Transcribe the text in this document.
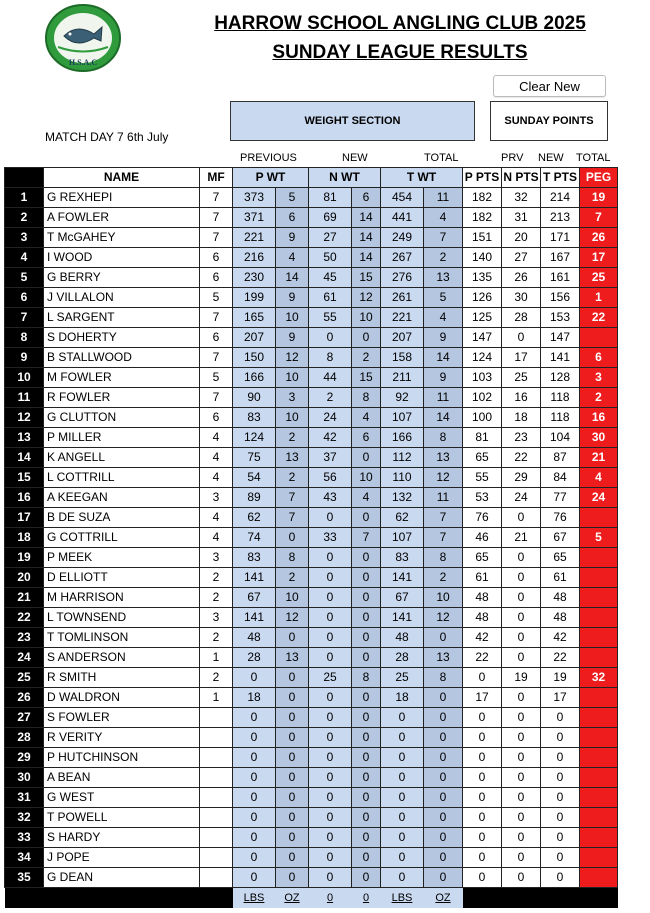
H.S.A.C
HARROW SCHOOL ANGLING CLUB 2025
SUNDAY LEAGUE RESULTS
Clear New
WEIGHT SECTION	SUNDAY POINTS
MATCH DAY 7 6th July
PREVIOUS	NEW	TOTAL	PRV NEW TOTAL
	NAME	MF	P WT		N WT		T WT		P PTS	N PTS	T PTS	PEG
1	G REXHEPI	7	373	5	81	6	454	11	182	32	214	19
2	A FOWLER	7	371	6	69	14	441	4	182	31	213	7
3	T McGAHEY	7	221	9	27	14	249	7	151	20	171	26
4	I WOOD	6	216	4	50	14	267	2	140	27	167	17
5	G BERRY	6	230	14	45	15	276	13	135	26	161	25
6	J VILLALON	5	199	9	61	12	261	5	126	30	156	1
7	L SARGENT	7	165	10	55	10	221	4	125	28	153	22
8	S DOHERTY	6	207	9	0	0	207	9	147	0	147	
9	B STALLWOOD	7	150	12	8	2	158	14	124	17	141	6
10	M FOWLER	5	166	10	44	15	211	9	103	25	128	3
11	R FOWLER	7	90	3	2	8	92	11	102	16	118	2
12	G CLUTTON	6	83	10	24	4	107	14	100	18	118	16
13	P MILLER	4	124	2	42	6	166	8	81	23	104	30
14	K ANGELL	4	75	13	37	0	112	13	65	22	87	21
15	L COTTRILL	4	54	2	56	10	110	12	55	29	84	4
16	A KEEGAN	3	89	7	43	4	132	11	53	24	77	24
17	B DE SUZA	4	62	7	0	0	62	7	76	0	76	
18	G COTTRILL	4	74	0	33	7	107	7	46	21	67	5
19	P MEEK	3	83	8	0	0	83	8	65	0	65	
20	D ELLIOTT	2	141	2	0	0	141	2	61	0	61	
21	M HARRISON	2	67	10	0	0	67	10	48	0	48	
22	L TOWNSEND	3	141	12	0	0	141	12	48	0	48	
23	T TOMLINSON	2	48	0	0	0	48	0	42	0	42	
24	S ANDERSON	1	28	13	0	0	28	13	22	0	22	
25	R SMITH	2	0	0	25	8	25	8	0	19	19	32
26	D WALDRON	1	18	0	0	0	18	0	17	0	17	
27	S FOWLER		0	0	0	0	0	0	0	0	0	
28	R VERITY		0	0	0	0	0	0	0	0	0	
29	P HUTCHINSON		0	0	0	0	0	0	0	0	0	
30	A BEAN		0	0	0	0	0	0	0	0	0	
31	G WEST		0	0	0	0	0	0	0	0	0	
32	T POWELL		0	0	0	0	0	0	0	0	0	
33	S HARDY		0	0	0	0	0	0	0	0	0	
34	J POPE		0	0	0	0	0	0	0	0	0	
35	G DEAN		0	0	0	0	0	0	0	0	0	
			LBS	OZ	0	0	LBS	OZ				
